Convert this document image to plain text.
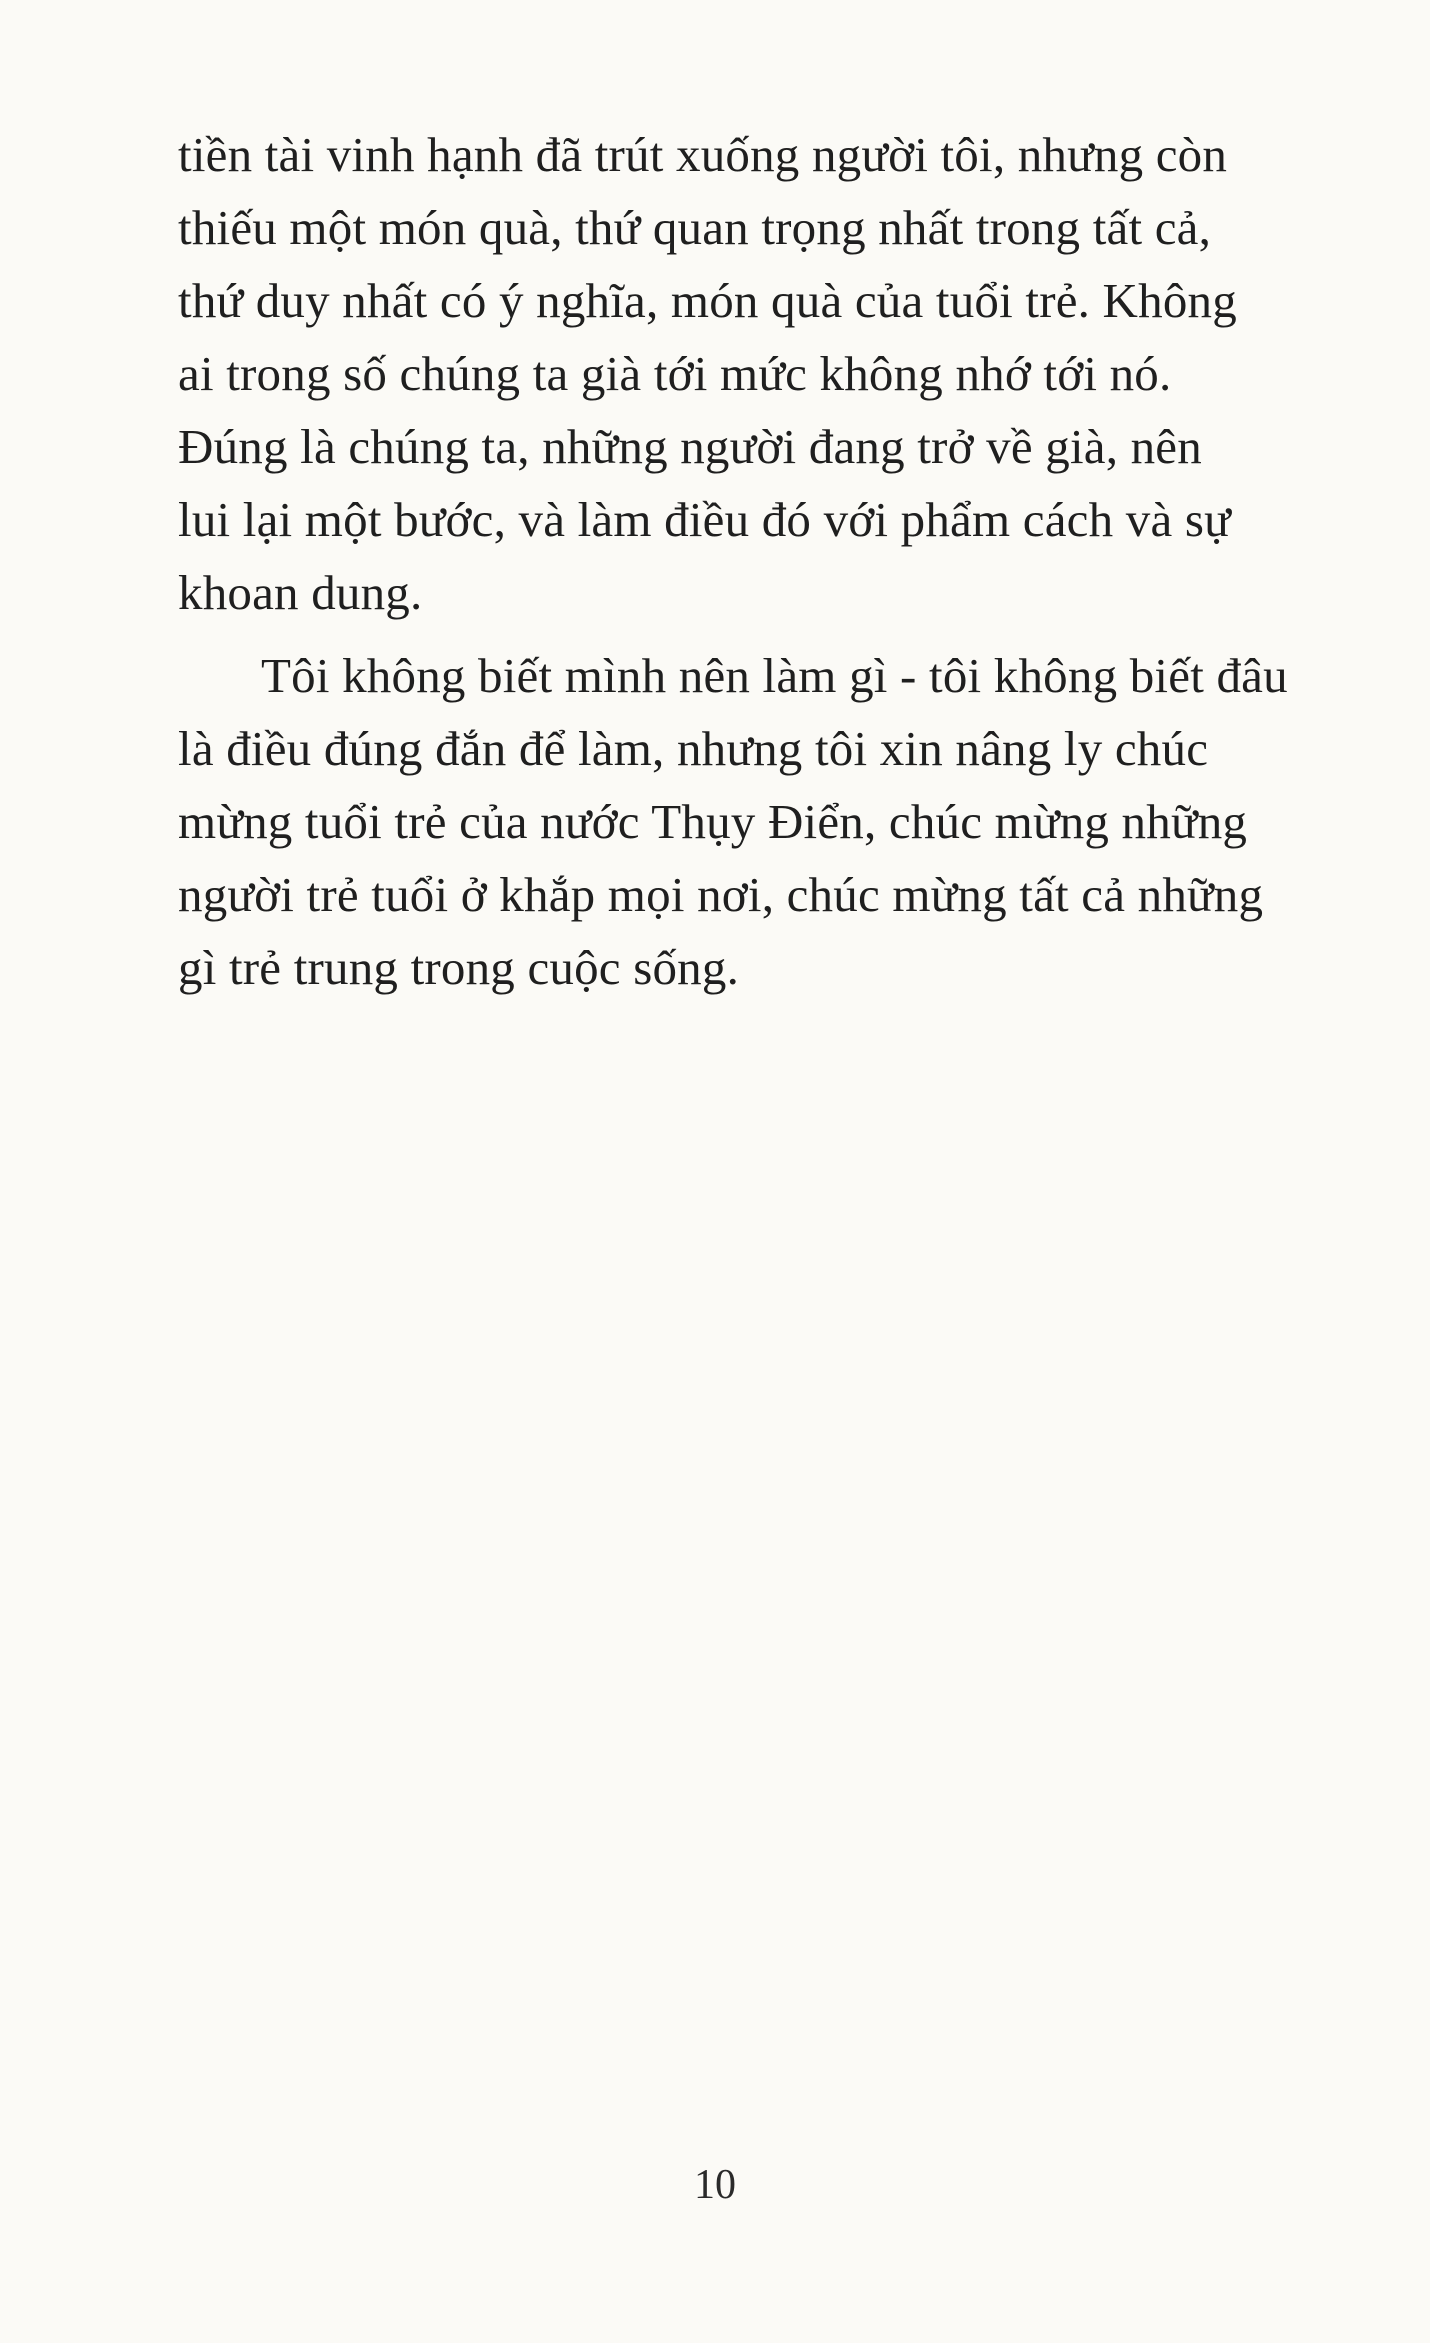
tiền tài vinh hạnh đã trút xuống người tôi, nhưng còn
thiếu một món quà, thứ quan trọng nhất trong tất cả,
thứ duy nhất có ý nghĩa, món quà của tuổi trẻ. Không
ai trong số chúng ta già tới mức không nhớ tới nó.
Đúng là chúng ta, những người đang trở về già, nên
lui lại một bước, và làm điều đó với phẩm cách và sự
khoan dung.
Tôi không biết mình nên làm gì - tôi không biết đâu
là điều đúng đắn để làm, nhưng tôi xin nâng ly chúc
mừng tuổi trẻ của nước Thụy Điển, chúc mừng những
người trẻ tuổi ở khắp mọi nơi, chúc mừng tất cả những
gì trẻ trung trong cuộc sống.
10
